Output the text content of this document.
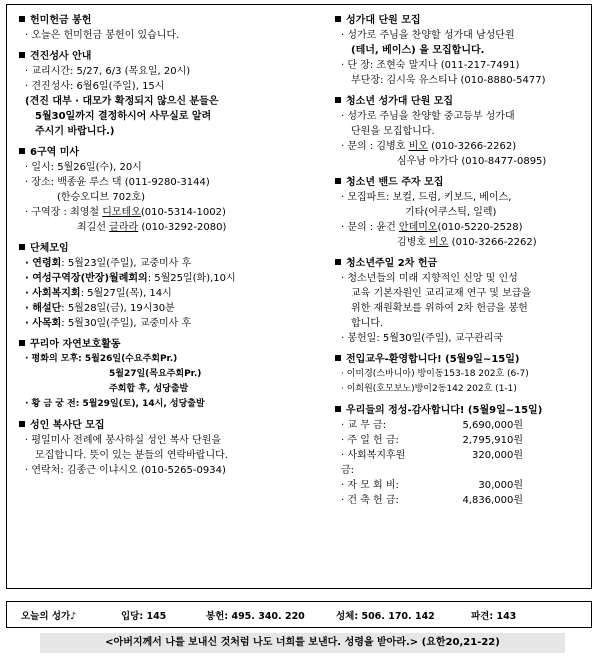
헌미헌금 봉헌
· 오늘은 헌미헌금 봉헌이 있습니다.
견진성사 안내
· 교리시간: 5/27, 6/3 (목요일, 20시)
· 견진성사: 6월6일(주일), 15시
(견진 대부 · 대모가 확정되지 않으신 분들은
5월30일까지 결정하시어 사무실로 알려
주시기 바랍니다.)
6구역 미사
· 일시: 5월26일(수), 20시
· 장소: 백종윤 루스 댁 (011-9280-3144)
(한승오디브 702호)
· 구역장 : 최영철 디모테오(010-5314-1002)
최길선 글라라 (010-3292-2080)
단체모임
· 연령회: 5월23일(주일), 교중미사 후
· 여성구역장(반장)월례회의: 5월25일(화),10시
· 사회복지회: 5월27일(목), 14시
· 해설단: 5월28일(금), 19시30분
· 사목회: 5월30일(주일), 교중미사 후
꾸리아 자연보호활동
· 평화의 모후: 5월26일(수요주회Pr.)
5월27일(목요주회Pr.)
주회합 후, 성당출발
· 황 금 궁 전: 5월29일(토), 14시, 성당출발
성인 복사단 모집
· 평일미사 전례에 봉사하실 성인 복사 단원을
모집합니다. 뜻이 있는 분들의 연락바랍니다.
· 연락처: 김종근 이냐시오 (010-5265-0934)
성가대 단원 모집
· 성가로 주님을 찬양할 성가대 남성단원
(테너, 베이스) 을 모집합니다.
· 단 장: 조현숙 말지나 (011-217-7491)
부단장: 김시욱 유스티나 (010-8880-5477)
청소년 성가대 단원 모집
· 성가로 주님을 찬양할 중고등부 성가대
단원을 모집합니다.
· 문의 : 김병호 비오 (010-3266-2262)
심우남 아가다 (010-8477-0895)
청소년 밴드 주자 모집
· 모집파트: 보컬, 드럼, 키보드, 베이스,
기타(어쿠스틱, 일렉)
· 문의 : 윤건 안데미오(010-5220-2528)
김병호 비오 (010-3266-2262)
청소년주일 2차 헌금
· 청소년들의 미래 지향적인 신앙 및 인성
교육 기본자원인 교리교재 연구 및 보급을
위한 재원확보를 위하여 2차 헌금을 봉헌
합니다.
· 봉헌일: 5월30일(주일), 교구관리국
전입교우-환영합니다! (5월9일~15일)
· 이미경(스바니아) 방이동153-18 202호 (6-7)
· 이희원(호모보노)방이2동142 202호 (1-1)
우리들의 정성-감사합니다! (5월9일~15일)
· 교 무 금:	5,690,000원
· 주 일 헌 금:	2,795,910원
· 사회복지후원금:
320,000원
· 자 모 회 비:	30,000원
· 건 축 헌 금:	4,836,000원
오늘의 성가♪	입당: 145	봉헌: 495. 340. 220	성체: 506. 170. 142	파견: 143
<아버지께서 나를 보내신 것처럼 나도 너희를 보낸다. 성령을 받아라.> (요한20,21-22)
